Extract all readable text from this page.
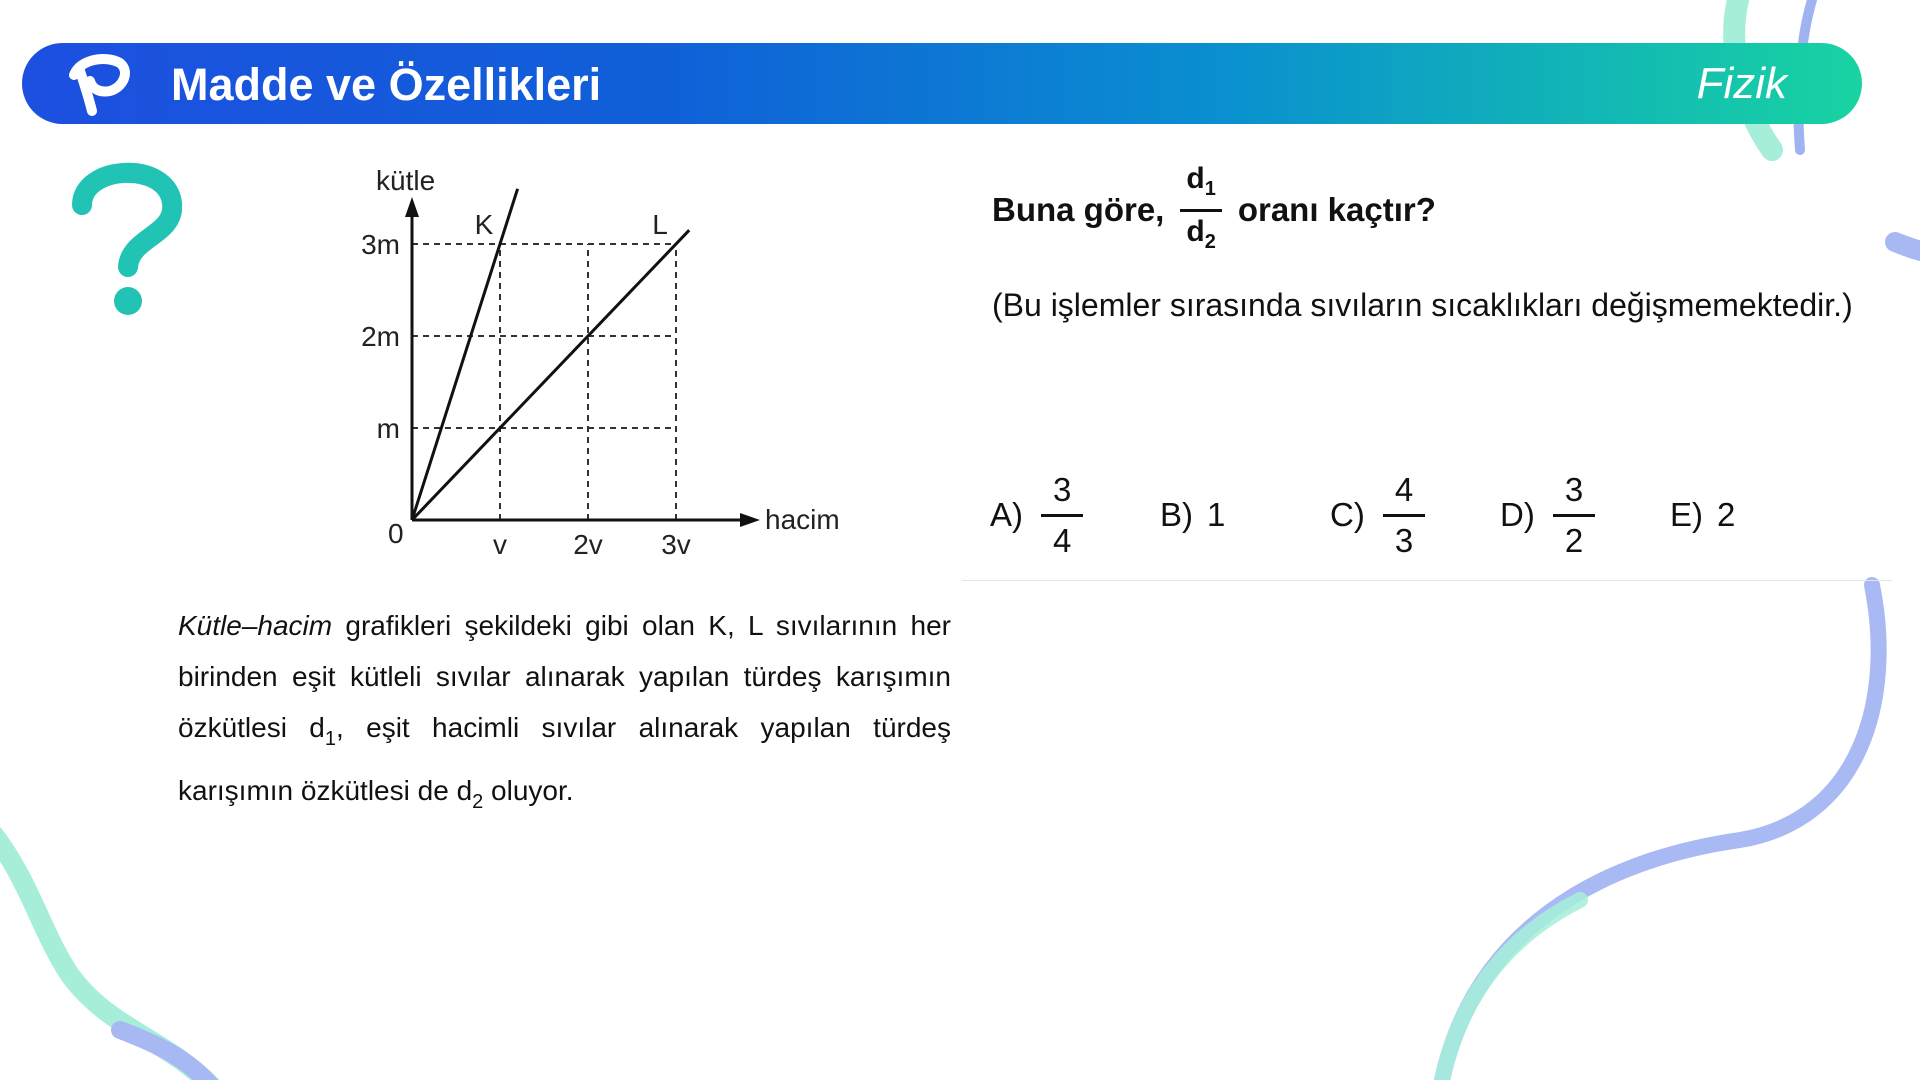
Madde ve Özellikleri	Fizik
kütle
hacim
0	v 2v 3v
m
2m
3m
K	L
Kütle–hacim grafikleri şekildeki gibi olan K, L sıvılarının her birinden eşit kütleli sıvılar alınarak yapılan türdeş karışımın özkütlesi $d_1$, eşit hacimli sıvılar alınarak yapılan türdeş karışımın özkütlesi de $d_2$ oluyor.
Buna göre, $\frac{d_1}{d_2}$ oranı kaçtır?
(Bu işlemler sırasında sıvıların sıcaklıkları değişmemektedir.)
$A) \frac{3}{4} B$) 1	$C) \frac{4}{3} D) \frac{3}{2} E$) 2
